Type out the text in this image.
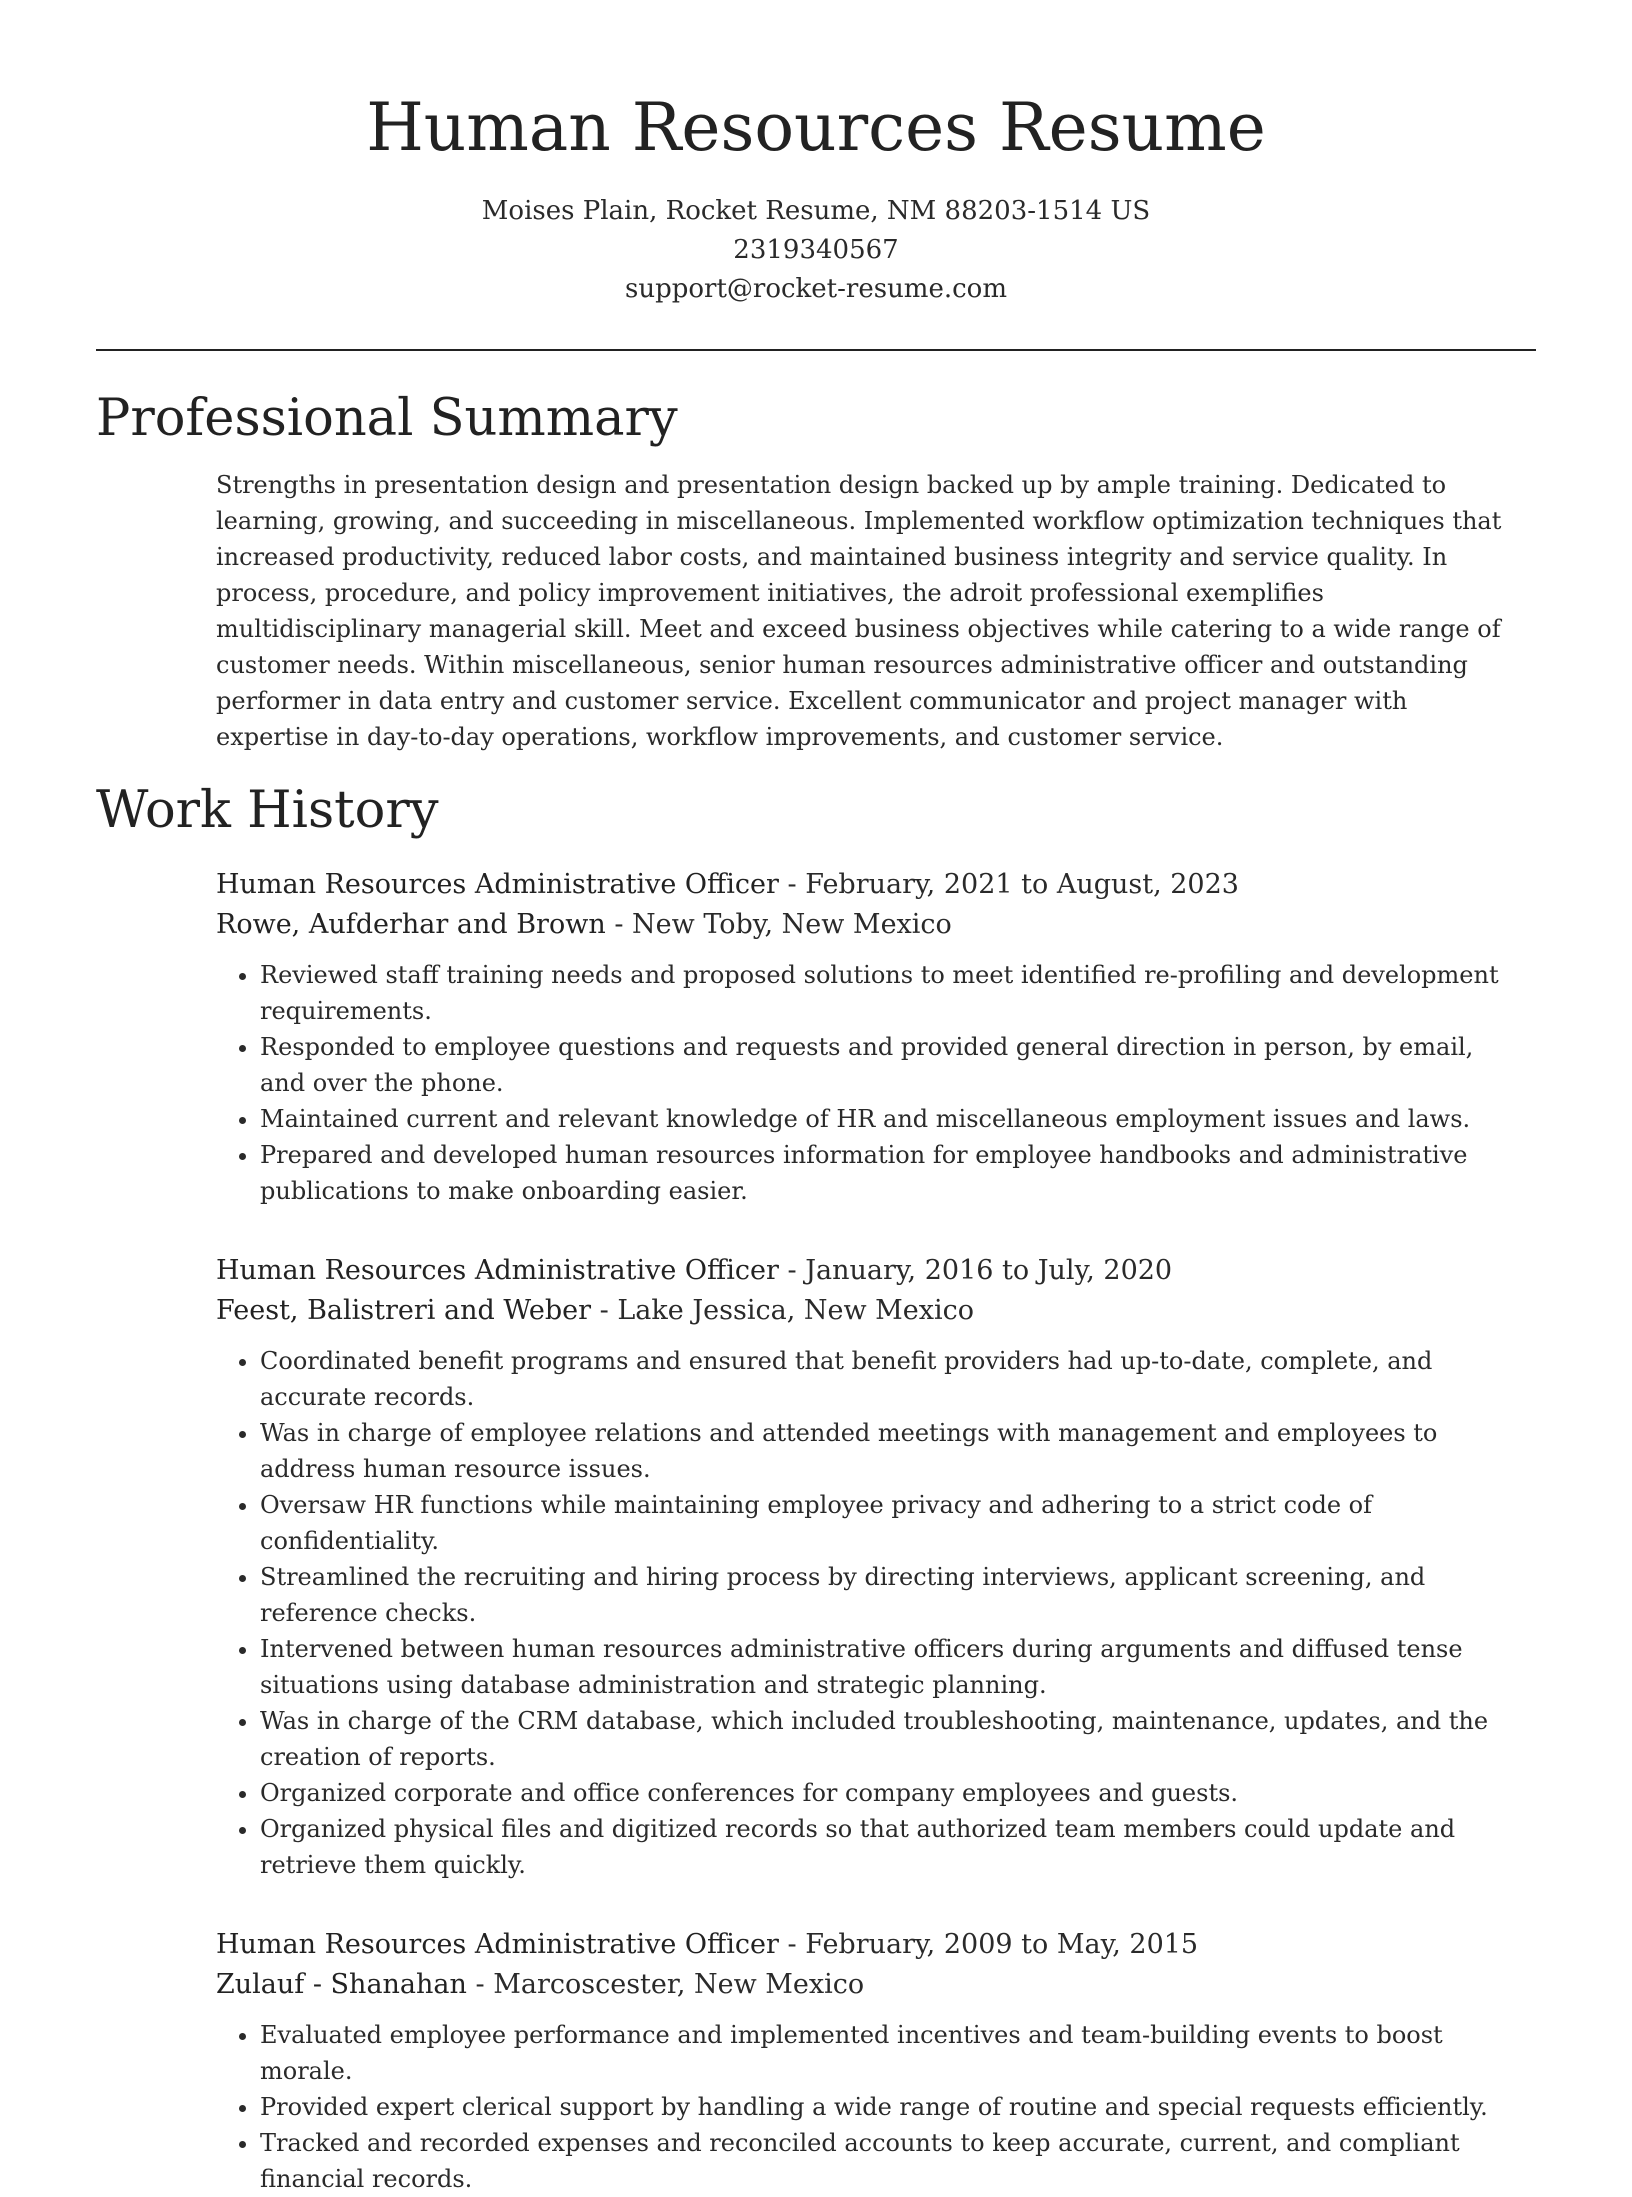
Human Resources Resume
Moises Plain, Rocket Resume, NM 88203-1514 US
2319340567
support@rocket-resume.com
Professional Summary

Strengths in presentation design and presentation design backed up by ample training. Dedicated to learning, growing, and succeeding in miscellaneous. Implemented workflow optimization techniques that increased productivity, reduced labor costs, and maintained business integrity and service quality. In process, procedure, and policy improvement initiatives, the adroit professional exemplifies multidisciplinary managerial skill. Meet and exceed business objectives while catering to a wide range of customer needs. Within miscellaneous, senior human resources administrative officer and outstanding performer in data entry and customer service. Excellent communicator and project manager with expertise in day-to-day operations, workflow improvements, and customer service.

Work History
Human Resources Administrative Officer - February, 2021 to August, 2023
Rowe, Aufderhar and Brown - New Toby, New Mexico
• Reviewed staff training needs and proposed solutions to meet identified re-profiling and development requirements.
• Responded to employee questions and requests and provided general direction in person, by email, and over the phone.
• Maintained current and relevant knowledge of HR and miscellaneous employment issues and laws.
• Prepared and developed human resources information for employee handbooks and administrative publications to make onboarding easier.
Human Resources Administrative Officer - January, 2016 to July, 2020
Feest, Balistreri and Weber - Lake Jessica, New Mexico
• Coordinated benefit programs and ensured that benefit providers had up-to-date, complete, and accurate records.
• Was in charge of employee relations and attended meetings with management and employees to address human resource issues.
• Oversaw HR functions while maintaining employee privacy and adhering to a strict code of confidentiality.
• Streamlined the recruiting and hiring process by directing interviews, applicant screening, and reference checks.
• Intervened between human resources administrative officers during arguments and diffused tense situations using database administration and strategic planning.
• Was in charge of the CRM database, which included troubleshooting, maintenance, updates, and the creation of reports.
• Organized corporate and office conferences for company employees and guests.
• Organized physical files and digitized records so that authorized team members could update and retrieve them quickly.
Human Resources Administrative Officer - February, 2009 to May, 2015
Zulauf - Shanahan - Marcoscester, New Mexico
• Evaluated employee performance and implemented incentives and team-building events to boost morale.
• Provided expert clerical support by handling a wide range of routine and special requests efficiently.
• Tracked and recorded expenses and reconciled accounts to keep accurate, current, and compliant financial records.
